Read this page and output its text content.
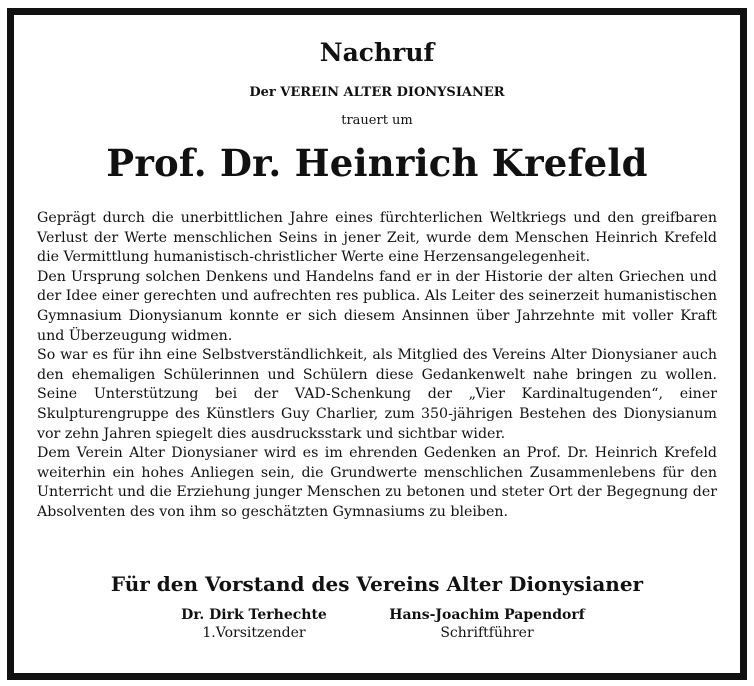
Nachruf
Der VEREIN ALTER DIONYSIANER
trauert um
Prof. Dr. Heinrich Krefeld

Geprägt durch die unerbittlichen Jahre eines fürchterlichen Weltkriegs und den greifbaren Verlust der Werte menschlichen Seins in jener Zeit, wurde dem Menschen Heinrich Krefeld die Vermittlung humanistisch-christlicher Werte eine Herzensangelegenheit.

Den Ursprung solchen Denkens und Handelns fand er in der Historie der alten Griechen und der Idee einer gerechten und aufrechten res publica. Als Leiter des seinerzeit humanistischen Gymnasium Dionysianum konnte er sich diesem Ansinnen über Jahrzehnte mit voller Kraft und Überzeugung widmen.

So war es für ihn eine Selbstverständlichkeit, als Mitglied des Vereins Alter Dionysianer auch den ehemaligen Schülerinnen und Schülern diese Gedankenwelt nahe bringen zu wollen. Seine Unterstützung bei der VAD-Schenkung der „Vier Kardinaltugenden“, einer Skulpturengruppe des Künstlers Guy Charlier, zum 350-jährigen Bestehen des Dionysianum vor zehn Jahren spiegelt dies ausdrucksstark und sichtbar wider.

Dem Verein Alter Dionysianer wird es im ehrenden Gedenken an Prof. Dr. Heinrich Krefeld weiterhin ein hohes Anliegen sein, die Grundwerte menschlichen Zusammenlebens für den Unterricht und die Erziehung junger Menschen zu betonen und steter Ort der Begegnung der Absolventen des von ihm so geschätzten Gymnasiums zu bleiben.

Für den Vorstand des Vereins Alter Dionysianer
Dr. Dirk Terhechte
1.Vorsitzender
Hans-Joachim Papendorf
Schriftführer
